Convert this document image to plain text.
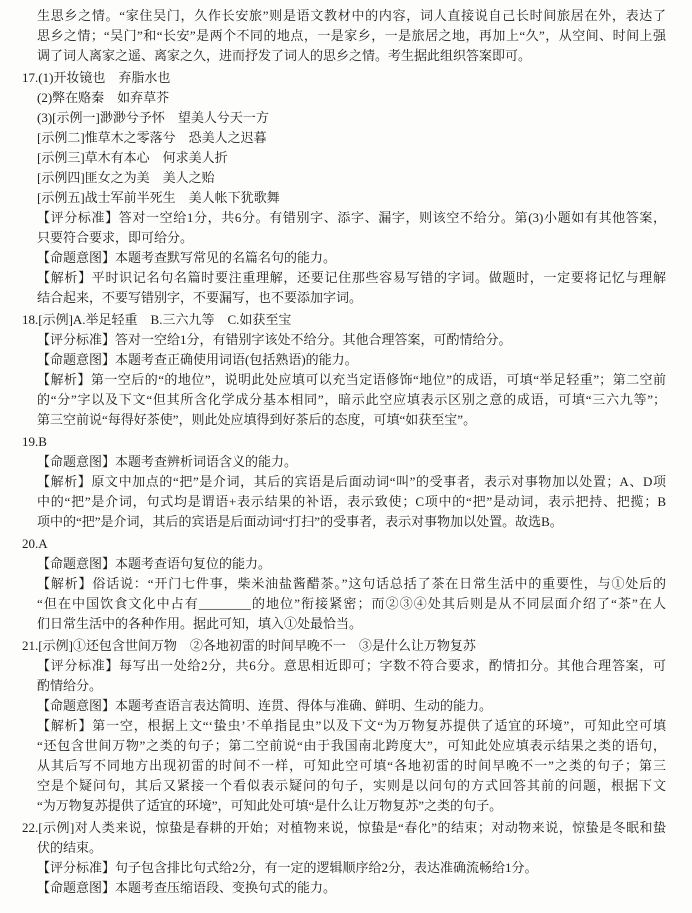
生思乡之情。“家住吴门，久作长安旅”则是语文教材中的内容，词人直接说自己长时间旅居在外，表达了
思乡之情；“吴门”和“长安”是两个不同的地点，一是家乡，一是旅居之地，再加上“久”，从空间、时间上强
调了词人离家之遥、离家之久，进而抒发了词人的思乡之情。考生据此组织答案即可。
17.(1)开妆镜也　弃脂水也
(2)弊在赂秦　如弃草芥
(3)[示例一]渺渺兮予怀　望美人兮天一方
[示例二]惟草木之零落兮　恐美人之迟暮
[示例三]草木有本心　何求美人折
[示例四]匪女之为美　美人之贻
[示例五]战士军前半死生　美人帐下犹歌舞
【评分标准】答对一空给1分，共6分。有错别字、添字、漏字，则该空不给分。第(3)小题如有其他答案，
只要符合要求，即可给分。
【命题意图】本题考查默写常见的名篇名句的能力。
【解析】平时识记名句名篇时要注重理解，还要记住那些容易写错的字词。做题时，一定要将记忆与理解
结合起来，不要写错别字，不要漏写，也不要添加字词。
18.[示例]A.举足轻重　B.三六九等　C.如获至宝
【评分标准】答对一空给1分，有错别字该处不给分。其他合理答案，可酌情给分。
【命题意图】本题考查正确使用词语(包括熟语)的能力。
【解析】第一空后的“的地位”，说明此处应填可以充当定语修饰“地位”的成语，可填“举足轻重”；第二空前
的“分”字以及下文“但其所含化学成分基本相同”，暗示此空应填表示区别之意的成语，可填“三六九等”；
第三空前说“每得好茶使”，则此处应填得到好茶后的态度，可填“如获至宝”。
19.B
【命题意图】本题考查辨析词语含义的能力。
【解析】原文中加点的“把”是介词，其后的宾语是后面动词“叫”的受事者，表示对事物加以处置；A、D项
中的“把”是介词，句式均是谓语+表示结果的补语，表示致使；C项中的“把”是动词，表示把持、把揽；B
项中的“把”是介词，其后的宾语是后面动词“打扫”的受事者，表示对事物加以处置。故选B。
20.A
【命题意图】本题考查语句复位的能力。
【解析】俗话说：“开门七件事，柴米油盐酱醋茶。”这句话总括了茶在日常生活中的重要性，与①处后的
“但在中国饮食文化中占有________的地位”衔接紧密；而②③④处其后则是从不同层面介绍了“茶”在人
们日常生活中的各种作用。据此可知，填入①处最恰当。
21.[示例]①还包含世间万物　②各地初雷的时间早晚不一　③是什么让万物复苏
【评分标准】每写出一处给2分，共6分。意思相近即可；字数不符合要求，酌情扣分。其他合理答案，可
酌情给分。
【命题意图】本题考查语言表达简明、连贯、得体与准确、鲜明、生动的能力。
【解析】第一空，根据上文“‘蛰虫’不单指昆虫”以及下文“为万物复苏提供了适宜的环境”，可知此空可填
“还包含世间万物”之类的句子；第二空前说“由于我国南北跨度大”，可知此处应填表示结果之类的语句，
从其后写不同地方出现初雷的时间不一样，可知此空可填“各地初雷的时间早晚不一”之类的句子；第三
空是个疑问句，其后又紧接一个看似表示疑问的句子，实则是以问句的方式回答其前的问题，根据下文
“为万物复苏提供了适宜的环境”，可知此处可填“是什么让万物复苏”之类的句子。
22.[示例]对人类来说，惊蛰是春耕的开始；对植物来说，惊蛰是“春化”的结束；对动物来说，惊蛰是冬眠和蛰
伏的结束。
【评分标准】句子包含排比句式给2分，有一定的逻辑顺序给2分，表达准确流畅给1分。
【命题意图】本题考查压缩语段、变换句式的能力。
